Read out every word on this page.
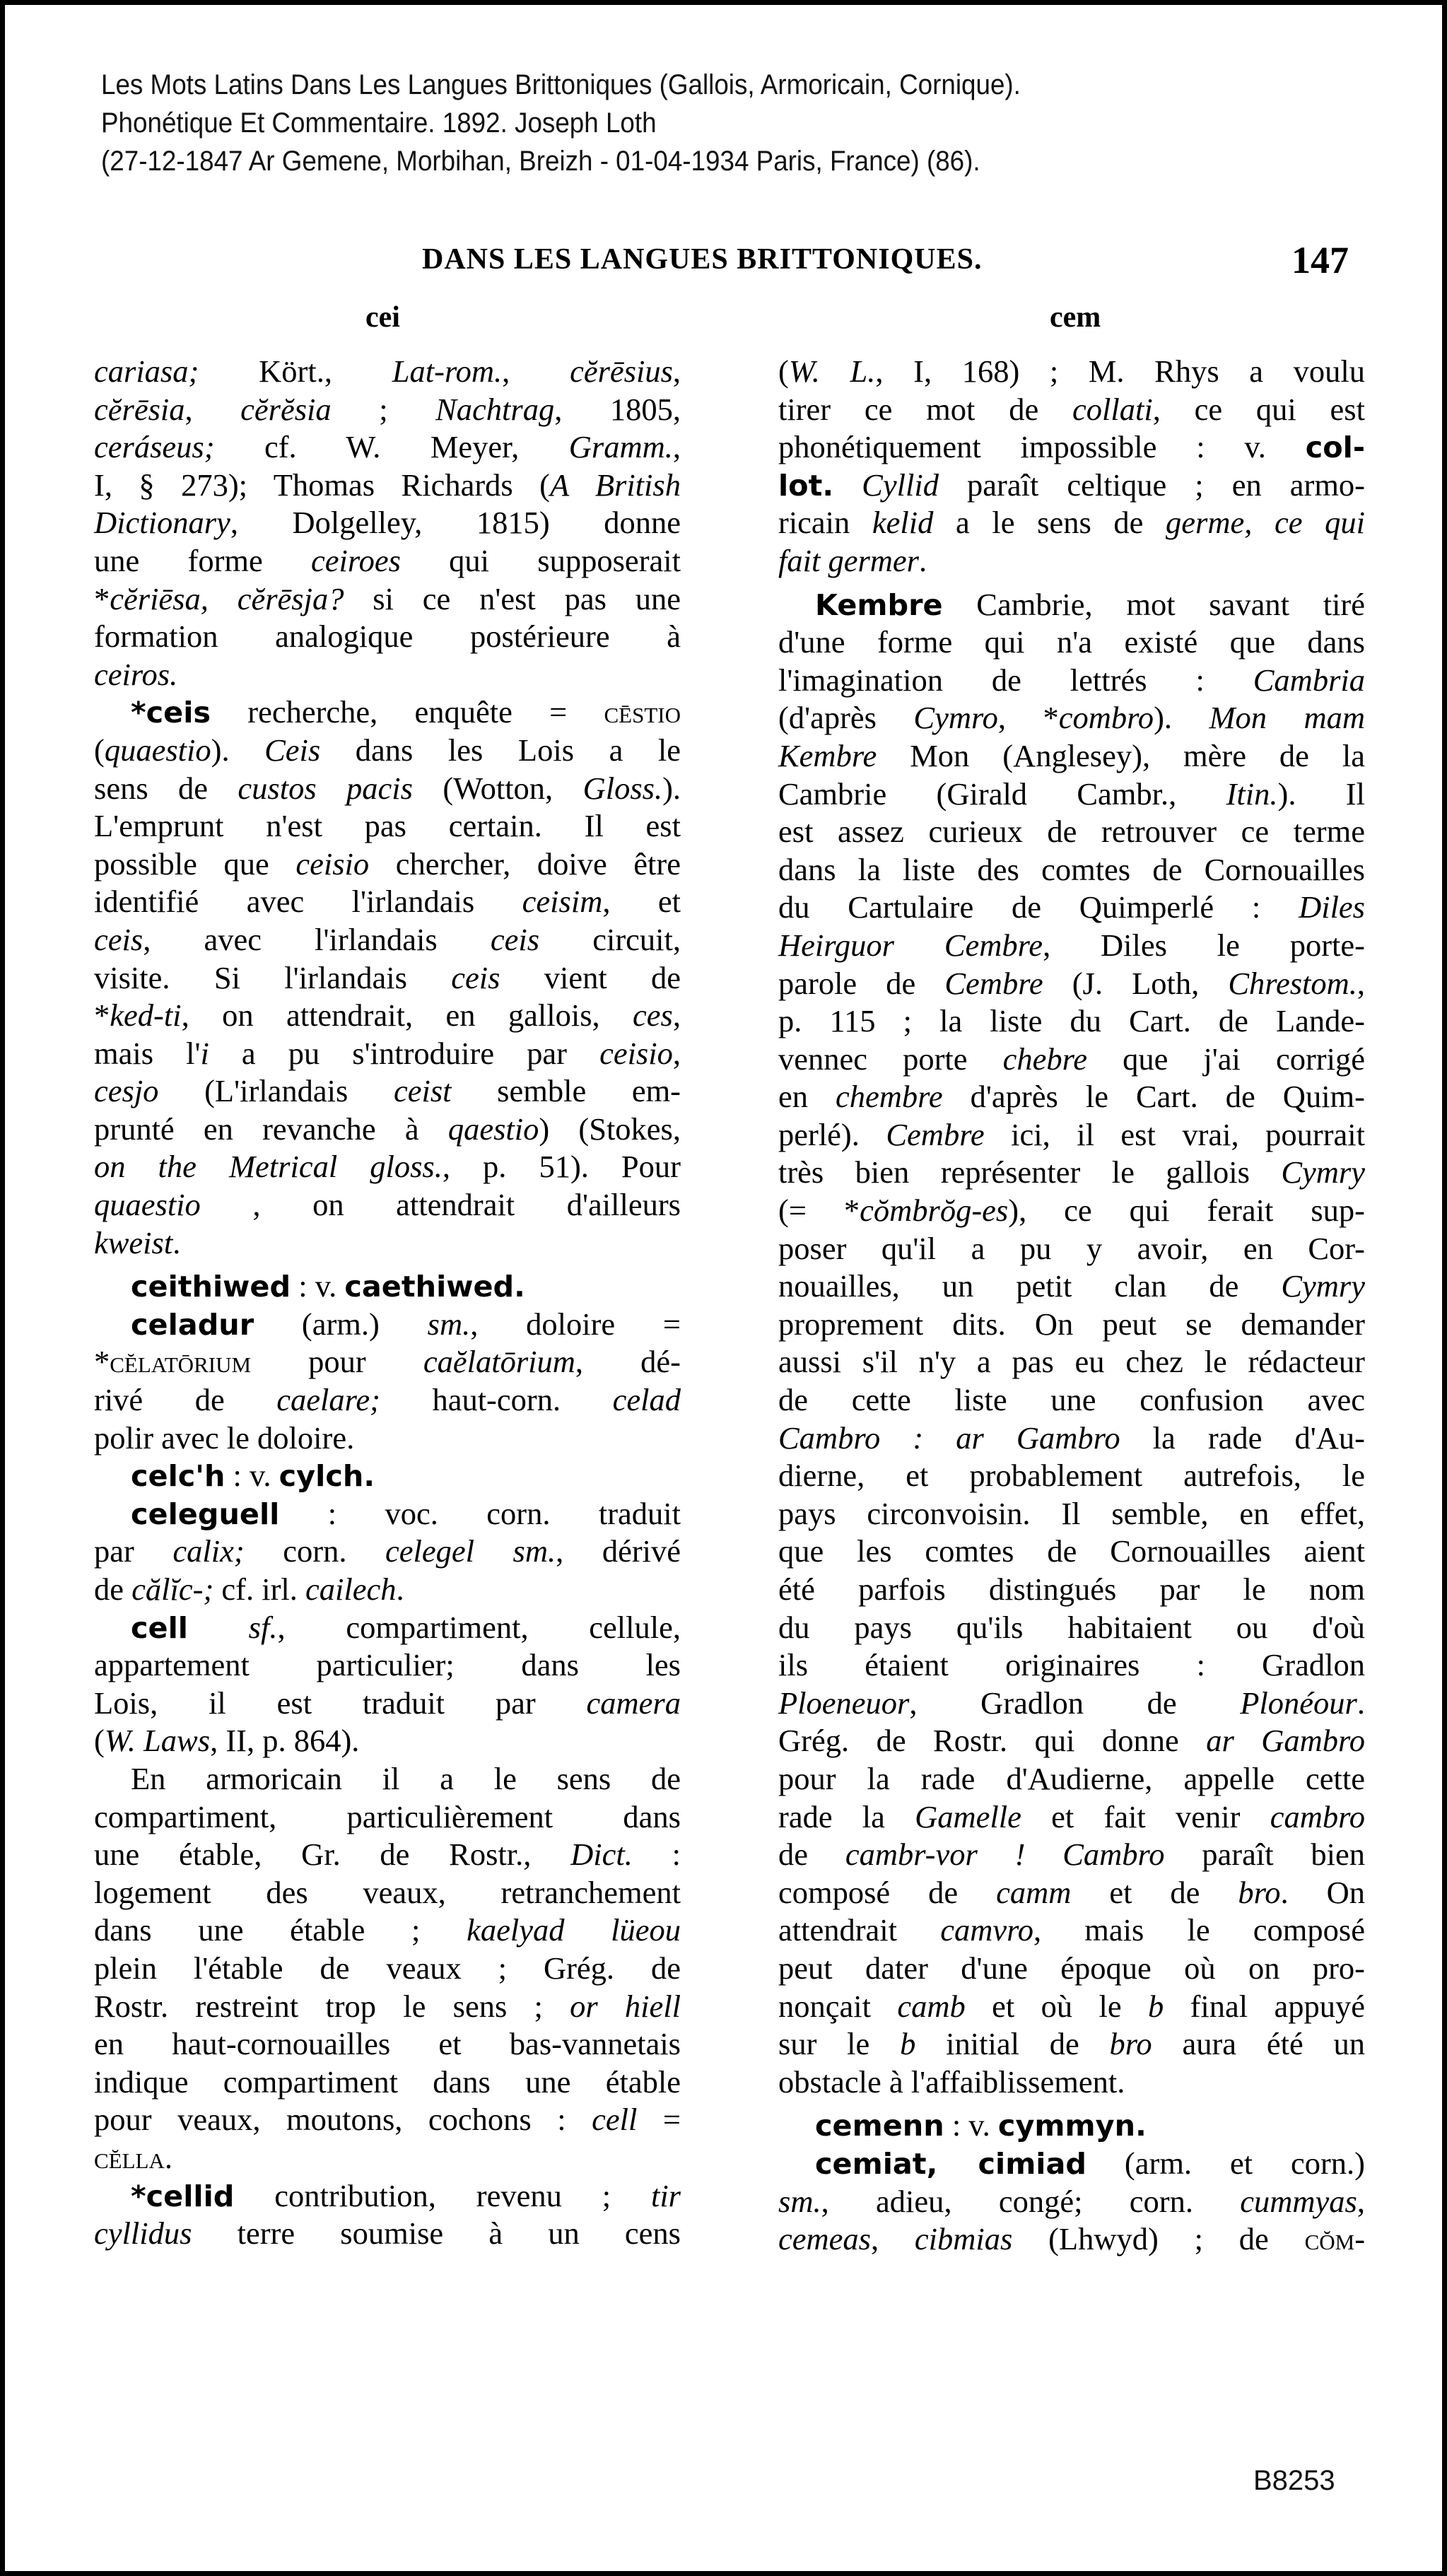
Les Mots Latins Dans Les Langues Brittoniques (Gallois, Armoricain, Cornique).
Phonétique Et Commentaire. 1892. Joseph Loth
(27-12-1847 Ar Gemene, Morbihan, Breizh - 01-04-1934 Paris, France) (86).
DANS LES LANGUES BRITTONIQUES.	147
cei	cem
cariasa; Kört., Lat-rom., cĕrēsius,
cĕrēsia, cĕrĕsia ; Nachtrag, 1805,
ceráseus; cf. W. Meyer, Gramm.,
I, § 273); Thomas Richards (A British
Dictionary, Dolgelley, 1815) donne
une forme ceiroes qui supposerait
*cĕriēsa, cĕrēsja? si ce n'est pas une
formation analogique postérieure à
ceiros.
*ceis recherche, enquête = cēstio
(quaestio). Ceis dans les Lois a le
sens de custos pacis (Wotton, Gloss.).
L'emprunt n'est pas certain. Il est
possible que ceisio chercher, doive être
identifié avec l'irlandais ceisim, et
ceis, avec l'irlandais ceis circuit,
visite. Si l'irlandais ceis vient de
*ked-ti, on attendrait, en gallois, ces,
mais l'i a pu s'introduire par ceisio,
cesjo (L'irlandais ceist semble em-
prunté en revanche à qaestio) (Stokes,
on the Metrical gloss., p. 51). Pour
quaestio , on attendrait d'ailleurs
kweist.
ceithiwed : v. caethiwed.
celadur (arm.) sm., doloire =
*cĕlatōrium pour caĕlatōrium, dé-
rivé de caelare; haut-corn. celad
polir avec le doloire.
celc'h : v. cylch.
celeguell : voc. corn. traduit
par calix; corn. celegel sm., dérivé
de călĭc-; cf. irl. cailech.
cell sf., compartiment, cellule,
appartement particulier; dans les
Lois, il est traduit par camera
(W. Laws, II, p. 864).
En armoricain il a le sens de
compartiment, particulièrement dans
une étable, Gr. de Rostr., Dict. :
logement des veaux, retranchement
dans une étable ; kaelyad lüeou
plein l'étable de veaux ; Grég. de
Rostr. restreint trop le sens ; or hiell
en haut-cornouailles et bas-vannetais
indique compartiment dans une étable
pour veaux, moutons, cochons : cell =
cĕlla.
*cellid contribution, revenu ; tir
cyllidus terre soumise à un cens
(W. L., I, 168) ; M. Rhys a voulu
tirer ce mot de collati, ce qui est
phonétiquement impossible : v. col-
lot. Cyllid paraît celtique ; en armo-
ricain kelid a le sens de germe, ce qui
fait germer.
Kembre Cambrie, mot savant tiré
d'une forme qui n'a existé que dans
l'imagination de lettrés : Cambria
(d'après Cymro, *combro). Mon mam
Kembre Mon (Anglesey), mère de la
Cambrie (Girald Cambr., Itin.). Il
est assez curieux de retrouver ce terme
dans la liste des comtes de Cornouailles
du Cartulaire de Quimperlé : Diles
Heirguor Cembre, Diles le porte-
parole de Cembre (J. Loth, Chrestom.,
p. 115 ; la liste du Cart. de Lande-
vennec porte chebre que j'ai corrigé
en chembre d'après le Cart. de Quim-
perlé). Cembre ici, il est vrai, pourrait
très bien représenter le gallois Cymry
(= *cŏmbrŏg-es), ce qui ferait sup-
poser qu'il a pu y avoir, en Cor-
nouailles, un petit clan de Cymry
proprement dits. On peut se demander
aussi s'il n'y a pas eu chez le rédacteur
de cette liste une confusion avec
Cambro : ar Gambro la rade d'Au-
dierne, et probablement autrefois, le
pays circonvoisin. Il semble, en effet,
que les comtes de Cornouailles aient
été parfois distingués par le nom
du pays qu'ils habitaient ou d'où
ils étaient originaires : Gradlon
Ploeneuor, Gradlon de Plonéour.
Grég. de Rostr. qui donne ar Gambro
pour la rade d'Audierne, appelle cette
rade la Gamelle et fait venir cambro
de cambr-vor ! Cambro paraît bien
composé de camm et de bro. On
attendrait camvro, mais le composé
peut dater d'une époque où on pro-
nonçait camb et où le b final appuyé
sur le b initial de bro aura été un
obstacle à l'affaiblissement.
cemenn : v. cymmyn.
cemiat, cimiad (arm. et corn.)
sm., adieu, congé; corn. cummyas,
cemeas, cibmias (Lhwyd) ; de cŏm-
B8253
